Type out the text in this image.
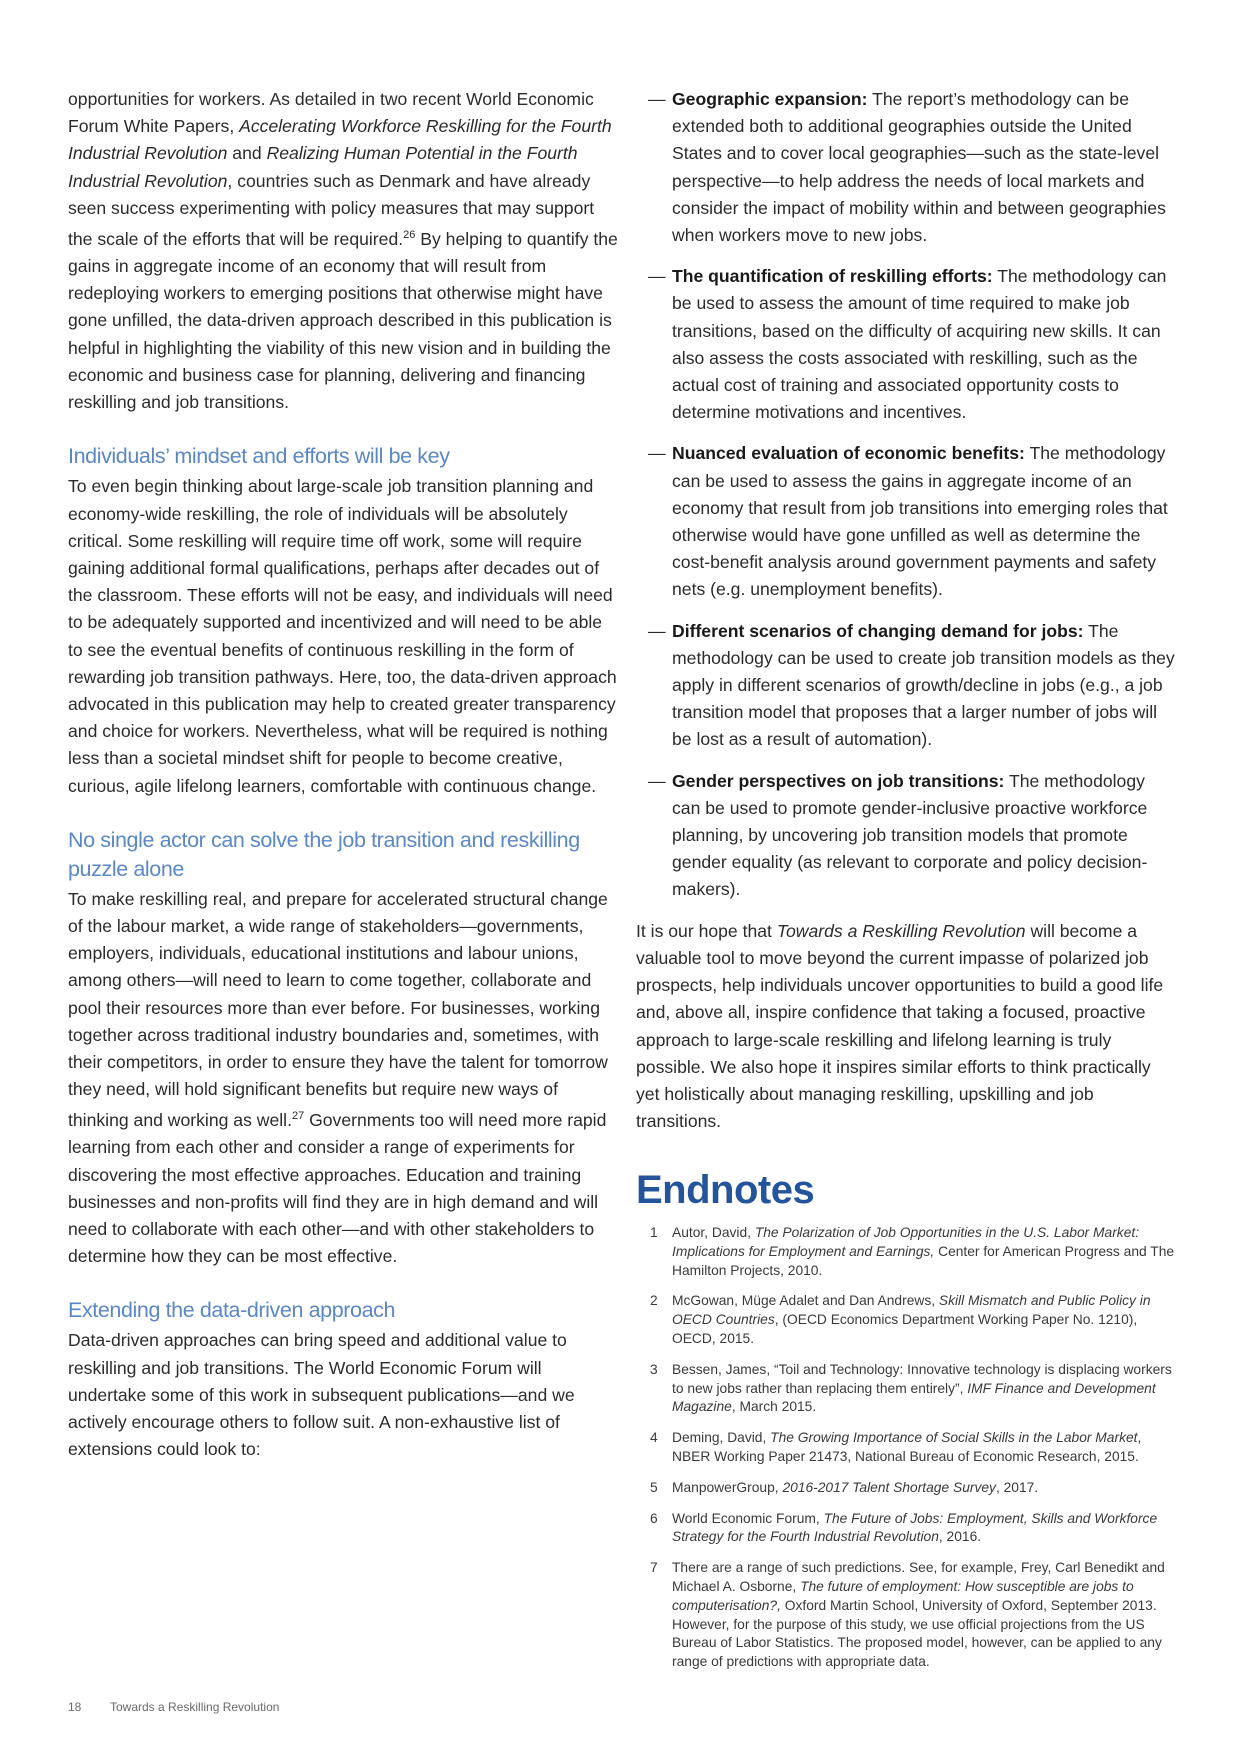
opportunities for workers. As detailed in two recent World Economic Forum White Papers, Accelerating Workforce Reskilling for the Fourth Industrial Revolution and Realizing Human Potential in the Fourth Industrial Revolution, countries such as Denmark and have already seen success experimenting with policy measures that may support the scale of the efforts that will be required.$^{26}$ By helping to quantify the gains in aggregate income of an economy that will result from redeploying workers to emerging positions that otherwise might have gone unfilled, the data-driven approach described in this publication is helpful in highlighting the viability of this new vision and in building the economic and business case for planning, delivering and financing reskilling and job transitions.

Individuals’ mindset and efforts will be key

To even begin thinking about large-scale job transition planning and economy-wide reskilling, the role of individuals will be absolutely critical. Some reskilling will require time off work, some will require gaining additional formal qualifications, perhaps after decades out of the classroom. These efforts will not be easy, and individuals will need to be adequately supported and incentivized and will need to be able to see the eventual benefits of continuous reskilling in the form of rewarding job transition pathways. Here, too, the data-driven approach advocated in this publication may help to created greater transparency and choice for workers. Nevertheless, what will be required is nothing less than a societal mindset shift for people to become creative, curious, agile lifelong learners, comfortable with continuous change.

No single actor can solve the job transition and reskilling puzzle alone

To make reskilling real, and prepare for accelerated structural change of the labour market, a wide range of stakeholders—governments, employers, individuals, educational institutions and labour unions, among others—will need to learn to come together, collaborate and pool their resources more than ever before. For businesses, working together across traditional industry boundaries and, sometimes, with their competitors, in order to ensure they have the talent for tomorrow they need, will hold significant benefits but require new ways of thinking and working as well.$^{27}$ Governments too will need more rapid learning from each other and consider a range of experiments for discovering the most effective approaches. Education and training businesses and non-profits will find they are in high demand and will need to collaborate with each other—and with other stakeholders to determine how they can be most effective.

Extending the data-driven approach

Data-driven approaches can bring speed and additional value to reskilling and job transitions. The World Economic Forum will undertake some of this work in subsequent publications—and we actively encourage others to follow suit. A non-exhaustive list of extensions could look to:

— Geographic expansion: The report’s methodology can be extended both to additional geographies outside the United States and to cover local geographies—such as the state-level perspective—to help address the needs of local markets and consider the impact of mobility within and between geographies when workers move to new jobs.
— The quantification of reskilling efforts: The methodology can be used to assess the amount of time required to make job transitions, based on the difficulty of acquiring new skills. It can also assess the costs associated with reskilling, such as the actual cost of training and associated opportunity costs to determine motivations and incentives.
— Nuanced evaluation of economic benefits: The methodology can be used to assess the gains in aggregate income of an economy that result from job transitions into emerging roles that otherwise would have gone unfilled as well as determine the cost-benefit analysis around government payments and safety nets (e.g. unemployment benefits).
— Different scenarios of changing demand for jobs: The methodology can be used to create job transition models as they apply in different scenarios of growth/decline in jobs (e.g., a job transition model that proposes that a larger number of jobs will be lost as a result of automation).
— Gender perspectives on job transitions: The methodology can be used to promote gender-inclusive proactive workforce planning, by uncovering job transition models that promote gender equality (as relevant to corporate and policy decision-makers).

It is our hope that Towards a Reskilling Revolution will become a valuable tool to move beyond the current impasse of polarized job prospects, help individuals uncover opportunities to build a good life and, above all, inspire confidence that taking a focused, proactive approach to large-scale reskilling and lifelong learning is truly possible. We also hope it inspires similar efforts to think practically yet holistically about managing reskilling, upskilling and job transitions.

Endnotes
1 Autor, David, The Polarization of Job Opportunities in the U.S. Labor Market: Implications for Employment and Earnings, Center for American Progress and The Hamilton Projects, 2010.
2 McGowan, Müge Adalet and Dan Andrews, Skill Mismatch and Public Policy in OECD Countries, (OECD Economics Department Working Paper No. 1210), OECD, 2015.
3 Bessen, James, “Toil and Technology: Innovative technology is displacing workers to new jobs rather than replacing them entirely”, IMF Finance and Development Magazine, March 2015.
4 Deming, David, The Growing Importance of Social Skills in the Labor Market, NBER Working Paper 21473, National Bureau of Economic Research, 2015.
5 ManpowerGroup, 2016-2017 Talent Shortage Survey, 2017.
6 World Economic Forum, The Future of Jobs: Employment, Skills and Workforce Strategy for the Fourth Industrial Revolution, 2016.
7 There are a range of such predictions. See, for example, Frey, Carl Benedikt and Michael A. Osborne, The future of employment: How susceptible are jobs to computerisation?, Oxford Martin School, University of Oxford, September 2013. However, for the purpose of this study, we use official projections from the US Bureau of Labor Statistics. The proposed model, however, can be applied to any range of predictions with appropriate data.
18 Towards a Reskilling Revolution
